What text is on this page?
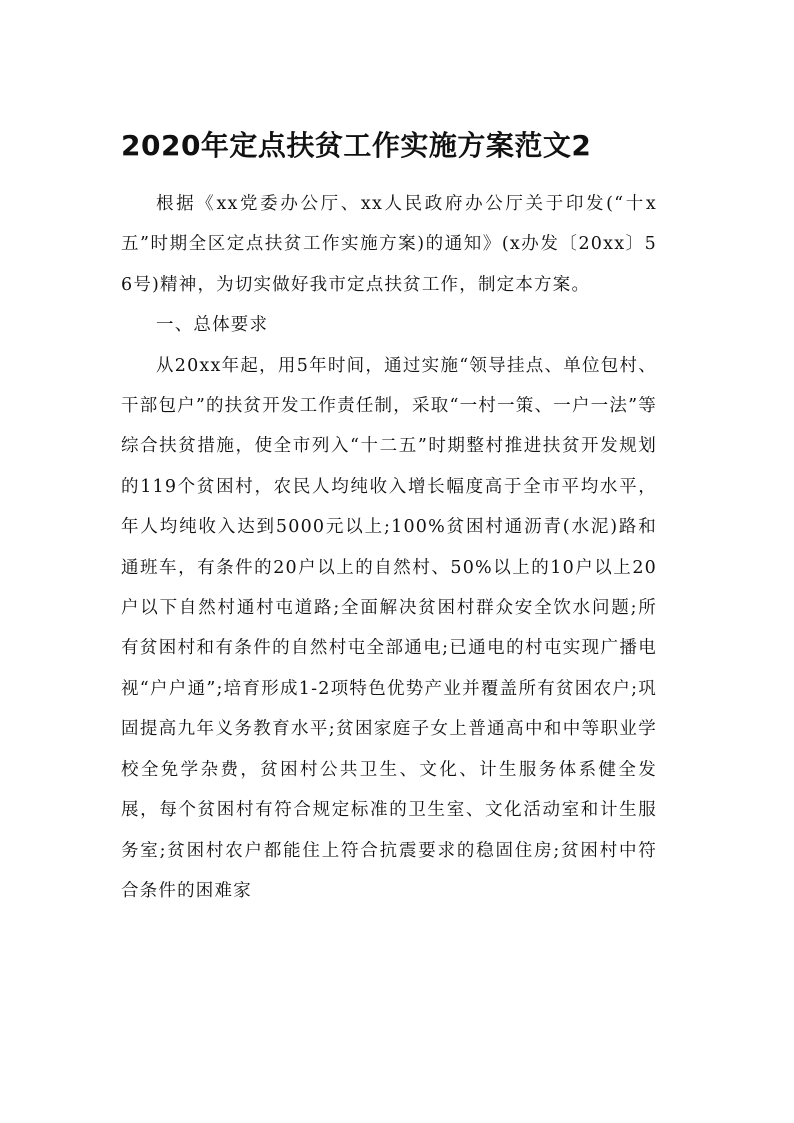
2020年定点扶贫工作实施方案范文2

根据《xx党委办公厅、xx人民政府办公厅关于印发(“十x五”时期全区定点扶贫工作实施方案)的通知》(x办发〔20xx〕56号)精神，为切实做好我市定点扶贫工作，制定本方案。

一、总体要求

从20xx年起，用5年时间，通过实施“领导挂点、单位包村、干部包户”的扶贫开发工作责任制，采取“一村一策、一户一法”等综合扶贫措施，使全市列入“十二五”时期整村推进扶贫开发规划的119个贫困村，农民人均纯收入增长幅度高于全市平均水平，年人均纯收入达到5000元以上;100%贫困村通沥青(水泥)路和通班车，有条件的20户以上的自然村、50%以上的10户以上20户以下自然村通村屯道路;全面解决贫困村群众安全饮水问题;所有贫困村和有条件的自然村屯全部通电;已通电的村屯实现广播电视“户户通”;培育形成1-2项特色优势产业并覆盖所有贫困农户;巩固提高九年义务教育水平;贫困家庭子女上普通高中和中等职业学校全免学杂费，贫困村公共卫生、文化、计生服务体系健全发展，每个贫困村有符合规定标准的卫生室、文化活动室和计生服务室;贫困村农户都能住上符合抗震要求的稳固住房;贫困村中符合条件的困难家
